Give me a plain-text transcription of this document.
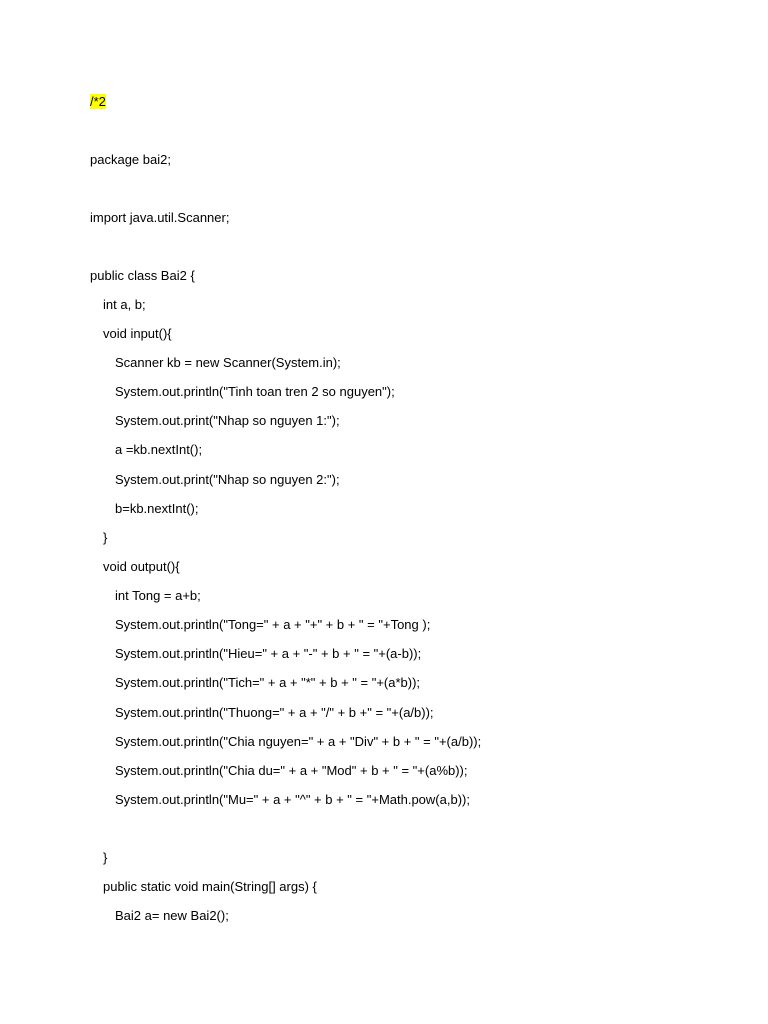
/*2
package bai2;
import java.util.Scanner;
public class Bai2 {
int a, b;
void input(){
Scanner kb = new Scanner(System.in);
System.out.println("Tinh toan tren 2 so nguyen");
System.out.print("Nhap so nguyen 1:");
a =kb.nextInt();
System.out.print("Nhap so nguyen 2:");
b=kb.nextInt();
}
void output(){
int Tong = a+b;
System.out.println("Tong=" + a + "+" + b + " = "+Tong );
System.out.println("Hieu=" + a + "-" + b + " = "+(a-b));
System.out.println("Tich=" + a + "*" + b + " = "+(a*b));
System.out.println("Thuong=" + a + "/" + b +" = "+(a/b));
System.out.println("Chia nguyen=" + a + "Div" + b + " = "+(a/b));
System.out.println("Chia du=" + a + "Mod" + b + " = "+(a%b));
System.out.println("Mu=" + a + "^" + b + " = "+Math.pow(a,b));
}
public static void main(String[] args) {
Bai2 a= new Bai2();
